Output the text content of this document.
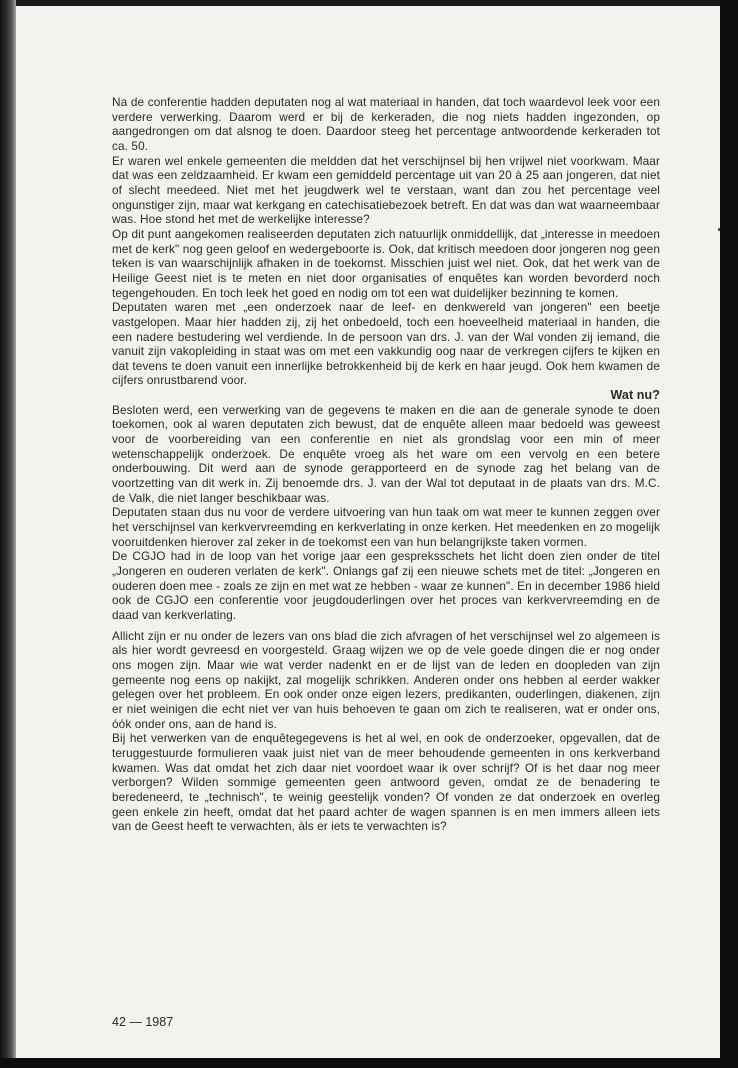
Na de conferentie hadden deputaten nog al wat materiaal in handen, dat toch waardevol leek voor een verdere verwerking. Daarom werd er bij de kerkeraden, die nog niets hadden ingezonden, op aangedrongen om dat alsnog te doen. Daardoor steeg het percentage antwoordende kerkeraden tot ca. 50.

Er waren wel enkele gemeenten die meldden dat het verschijnsel bij hen vrijwel niet voorkwam. Maar dat was een zeldzaamheid. Er kwam een gemiddeld percentage uit van 20 à 25 aan jongeren, dat niet of slecht meedeed. Niet met het jeugdwerk wel te verstaan, want dan zou het percentage veel ongunstiger zijn, maar wat kerkgang en catechisatiebezoek betreft. En dat was dan wat waarneembaar was. Hoe stond het met de werkelijke interesse?

Op dit punt aangekomen realiseerden deputaten zich natuurlijk onmiddellijk, dat „interesse in meedoen met de kerk" nog geen geloof en wedergeboorte is. Ook, dat kritisch meedoen door jongeren nog geen teken is van waarschijnlijk afhaken in de toekomst. Misschien juist wel niet. Ook, dat het werk van de Heilige Geest niet is te meten en niet door organisaties of enquêtes kan worden bevorderd noch tegengehouden. En toch leek het goed en nodig om tot een wat duidelijker bezinning te komen.

Deputaten waren met „een onderzoek naar de leef- en denkwereld van jongeren" een beetje vastgelopen. Maar hier hadden zij, zij het onbedoeld, toch een hoeveelheid materiaal in handen, die een nadere bestudering wel verdiende. In de persoon van drs. J. van der Wal vonden zij iemand, die vanuit zijn vakopleiding in staat was om met een vakkundig oog naar de verkregen cijfers te kijken en dat tevens te doen vanuit een innerlijke betrokkenheid bij de kerk en haar jeugd. Ook hem kwamen de cijfers onrustbarend voor.

Wat nu?

Besloten werd, een verwerking van de gegevens te maken en die aan de generale synode te doen toekomen, ook al waren deputaten zich bewust, dat de enquête alleen maar bedoeld was geweest voor de voorbereiding van een conferentie en niet als grondslag voor een min of meer wetenschappelijk onderzoek. De enquête vroeg als het ware om een vervolg en een betere onderbouwing. Dit werd aan de synode gerapporteerd en de synode zag het belang van de voortzetting van dit werk in. Zij benoemde drs. J. van der Wal tot deputaat in de plaats van drs. M.C. de Valk, die niet langer beschikbaar was.

Deputaten staan dus nu voor de verdere uitvoering van hun taak om wat meer te kunnen zeggen over het verschijnsel van kerkvervreemding en kerkverlating in onze kerken. Het meedenken en zo mogelijk vooruitdenken hierover zal zeker in de toekomst een van hun belangrijkste taken vormen.

De CGJO had in de loop van het vorige jaar een gespreksschets het licht doen zien onder de titel „Jongeren en ouderen verlaten de kerk". Onlangs gaf zij een nieuwe schets met de titel: „Jongeren en ouderen doen mee - zoals ze zijn en met wat ze hebben - waar ze kunnen". En in december 1986 hield ook de CGJO een conferentie voor jeugdouderlingen over het proces van kerkvervreemding en de daad van kerkverlating.

Allicht zijn er nu onder de lezers van ons blad die zich afvragen of het verschijnsel wel zo algemeen is als hier wordt gevreesd en voorgesteld. Graag wijzen we op de vele goede dingen die er nog onder ons mogen zijn. Maar wie wat verder nadenkt en er de lijst van de leden en doopleden van zijn gemeente nog eens op nakijkt, zal mogelijk schrikken. Anderen onder ons hebben al eerder wakker gelegen over het probleem. En ook onder onze eigen lezers, predikanten, ouderlingen, diakenen, zijn er niet weinigen die echt niet ver van huis behoeven te gaan om zich te realiseren, wat er onder ons, óók onder ons, aan de hand is.

Bij het verwerken van de enquêtegegevens is het al wel, en ook de onderzoeker, opgevallen, dat de teruggestuurde formulieren vaak juist niet van de meer behoudende gemeenten in ons kerkverband kwamen. Was dat omdat het zich daar niet voordoet waar ik over schrijf? Of is het daar nog meer verborgen? Wilden sommige gemeenten geen antwoord geven, omdat ze de benadering te beredeneerd, te „technisch", te weinig geestelijk vonden? Of vonden ze dat onderzoek en overleg geen enkele zin heeft, omdat dat het paard achter de wagen spannen is en men immers alleen iets van de Geest heeft te verwachten, àls er iets te verwachten is?

42 — 1987
